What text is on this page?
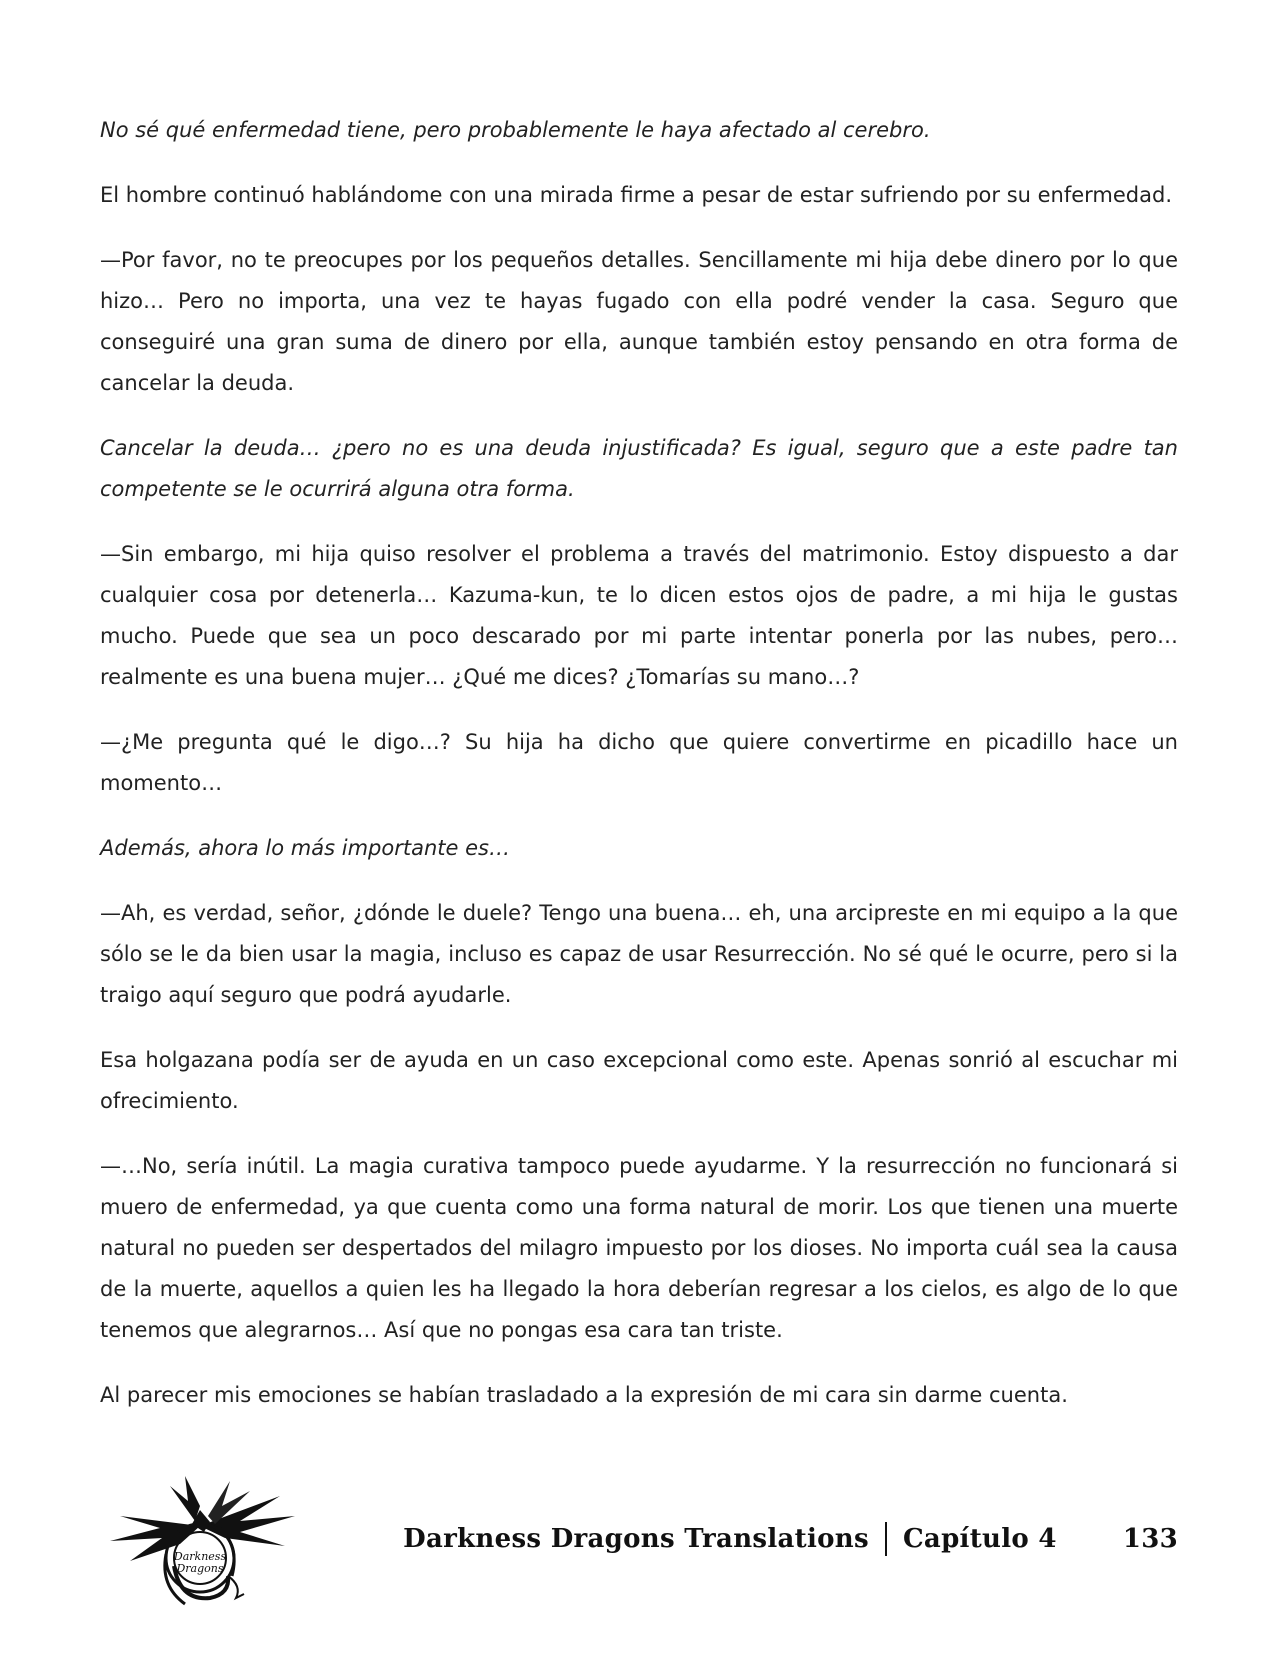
No sé qué enfermedad tiene, pero probablemente le haya afectado al cerebro.

El hombre continuó hablándome con una mirada firme a pesar de estar sufriendo por su enfermedad.

—Por favor, no te preocupes por los pequeños detalles. Sencillamente mi hija debe dinero por lo que hizo… Pero no importa, una vez te hayas fugado con ella podré vender la casa. Seguro que conseguiré una gran suma de dinero por ella, aunque también estoy pensando en otra forma de cancelar la deuda.

Cancelar la deuda… ¿pero no es una deuda injustificada? Es igual, seguro que a este padre tan competente se le ocurrirá alguna otra forma.

—Sin embargo, mi hija quiso resolver el problema a través del matrimonio. Estoy dispuesto a dar cualquier cosa por detenerla… Kazuma-kun, te lo dicen estos ojos de padre, a mi hija le gustas mucho. Puede que sea un poco descarado por mi parte intentar ponerla por las nubes, pero… realmente es una buena mujer… ¿Qué me dices? ¿Tomarías su mano…?

—¿Me pregunta qué le digo…? Su hija ha dicho que quiere convertirme en picadillo hace un momento…

Además, ahora lo más importante es…

—Ah, es verdad, señor, ¿dónde le duele? Tengo una buena… eh, una arcipreste en mi equipo a la que sólo se le da bien usar la magia, incluso es capaz de usar Resurrección. No sé qué le ocurre, pero si la traigo aquí seguro que podrá ayudarle.

Esa holgazana podía ser de ayuda en un caso excepcional como este. Apenas sonrió al escuchar mi ofrecimiento.

—…No, sería inútil. La magia curativa tampoco puede ayudarme. Y la resurrección no funcionará si muero de enfermedad, ya que cuenta como una forma natural de morir. Los que tienen una muerte natural no pueden ser despertados del milagro impuesto por los dioses. No importa cuál sea la causa de la muerte, aquellos a quien les ha llegado la hora deberían regresar a los cielos, es algo de lo que tenemos que alegrarnos… Así que no pongas esa cara tan triste.

Al parecer mis emociones se habían trasladado a la expresión de mi cara sin darme cuenta.

Darkness
Dragons
Darkness Dragons Translations Capítulo 4	133
